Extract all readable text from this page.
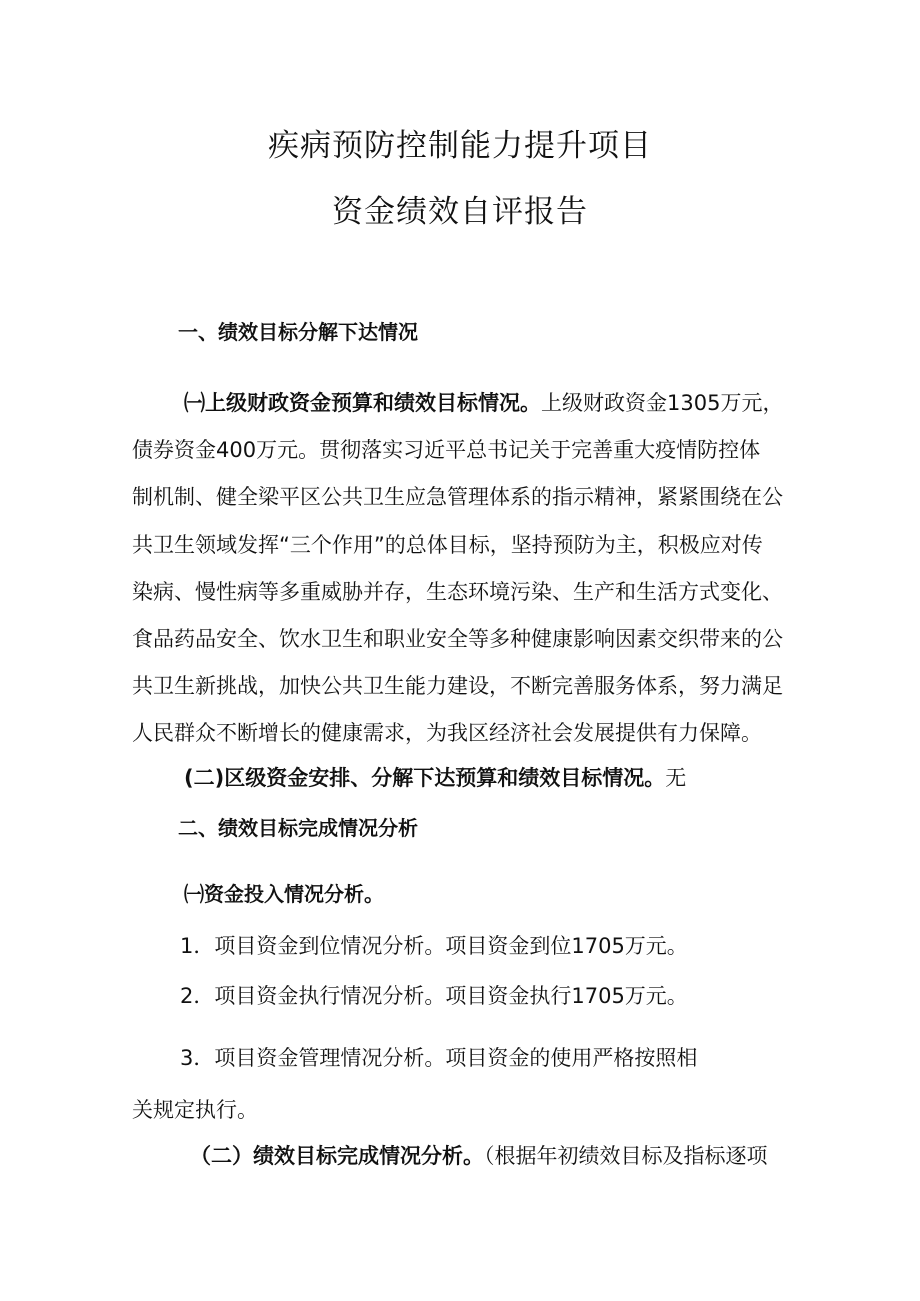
疾病预防控制能力提升项目
资金绩效自评报告
一、绩效目标分解下达情况
㈠上级财政资金预算和绩效目标情况。上级财政资金1305万元，
债券资金400万元。贯彻落实习近平总书记关于完善重大疫情防控体
制机制、健全梁平区公共卫生应急管理体系的指示精神，紧紧围绕在公
共卫生领域发挥“三个作用”的总体目标，坚持预防为主，积极应对传
染病、慢性病等多重威胁并存，生态环境污染、生产和生活方式变化、
食品药品安全、饮水卫生和职业安全等多种健康影响因素交织带来的公
共卫生新挑战，加快公共卫生能力建设，不断完善服务体系，努力满足
人民群众不断增长的健康需求，为我区经济社会发展提供有力保障。
(二)区级资金安排、分解下达预算和绩效目标情况。无
二、绩效目标完成情况分析
㈠资金投入情况分析。
1．项目资金到位情况分析。项目资金到位1705万元。
2．项目资金执行情况分析。项目资金执行1705万元。
3．项目资金管理情况分析。项目资金的使用严格按照相
关规定执行。
（二）绩效目标完成情况分析。（根据年初绩效目标及指标逐项
